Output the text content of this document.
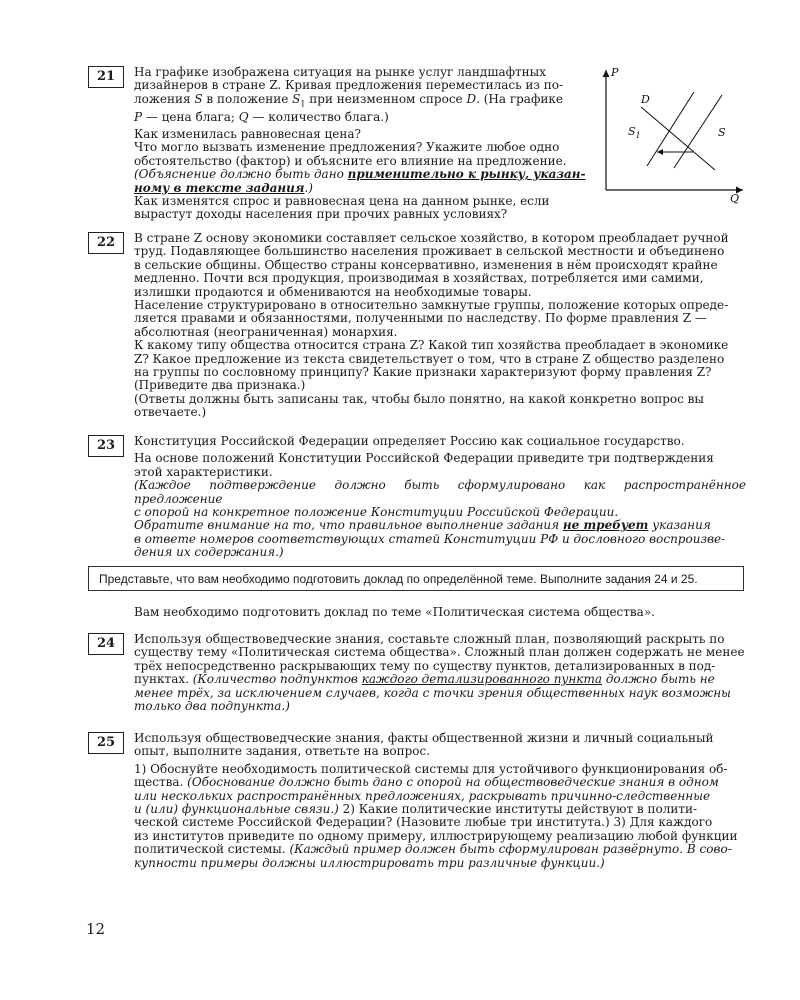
21	На графике изображена ситуация на рынке услуг ландшафтных

дизайнеров в стране Z. Кривая предложения переместилась из по-

ложения S в положение $S_1$ при неизменном спросе D. (На графике

P — цена блага; Q — количество блага.)

Как изменилась равновесная цена?

Что могло вызвать изменение предложения? Укажите любое одно

обстоятельство (фактор) и объясните его влияние на предложение.

(Объяснение должно быть дано применительно к рынку, указан-

ному в тексте задания.)

Как изменятся спрос и равновесная цена на данном рынке, если

вырастут доходы населения при прочих равных условиях?

P
Q
D
$S_1$	S
22	В стране Z основу экономики составляет сельское хозяйство, в котором преобладает ручной

труд. Подавляющее большинство населения проживает в сельской местности и объединено

в сельские общины. Общество страны консервативно, изменения в нём происходят крайне

медленно. Почти вся продукция, производимая в хозяйствах, потребляется ими самими,

излишки продаются и обмениваются на необходимые товары.

Население структурировано в относительно замкнутые группы, положение которых опреде-

ляется правами и обязанностями, полученными по наследству. По форме правления Z —

абсолютная (неограниченная) монархия.

К какому типу общества относится страна Z? Какой тип хозяйства преобладает в экономике

Z? Какое предложение из текста свидетельствует о том, что в стране Z общество разделено

на группы по сословному принципу? Какие признаки характеризуют форму правления Z?

(Приведите два признака.)

(Ответы должны быть записаны так, чтобы было понятно, на какой конкретно вопрос вы

отвечаете.)

23	Конституция Российской Федерации определяет Россию как социальное государство.

На основе положений Конституции Российской Федерации приведите три подтверждения

этой характеристики.

(Каждое подтверждение должно быть сформулировано как распространённое предложение

с опорой на конкретное положение Конституции Российской Федерации.

Обратите внимание на то, что правильное выполнение задания не требует указания

в ответе номеров соответствующих статей Конституции РФ и дословного воспроизве-

дения их содержания.)

Представьте, что вам необходимо подготовить доклад по определённой теме. Выполните задания 24 и 25.
Вам необходимо подготовить доклад по теме «Политическая система общества».
24	Используя обществоведческие знания, составьте сложный план, позволяющий раскрыть по

существу тему «Политическая система общества». Сложный план должен содержать не менее

трёх непосредственно раскрывающих тему по существу пунктов, детализированных в под-

пунктах. (Количество подпунктов каждого детализированного пункта должно быть не

менее трёх, за исключением случаев, когда с точки зрения общественных наук возможны

только два подпункта.)

25	Используя обществоведческие знания, факты общественной жизни и личный социальный

опыт, выполните задания, ответьте на вопрос.

1) Обоснуйте необходимость политической системы для устойчивого функционирования об-

щества. (Обоснование должно быть дано с опорой на обществоведческие знания в одном

или нескольких распространённых предложениях, раскрывать причинно-следственные

и (или) функциональные связи.) 2) Какие политические институты действуют в полити-

ческой системе Российской Федерации? (Назовите любые три института.) 3) Для каждого

из институтов приведите по одному примеру, иллюстрирующему реализацию любой функции

политической системы. (Каждый пример должен быть сформулирован развёрнуто. В сово-

купности примеры должны иллюстрировать три различные функции.)

12
